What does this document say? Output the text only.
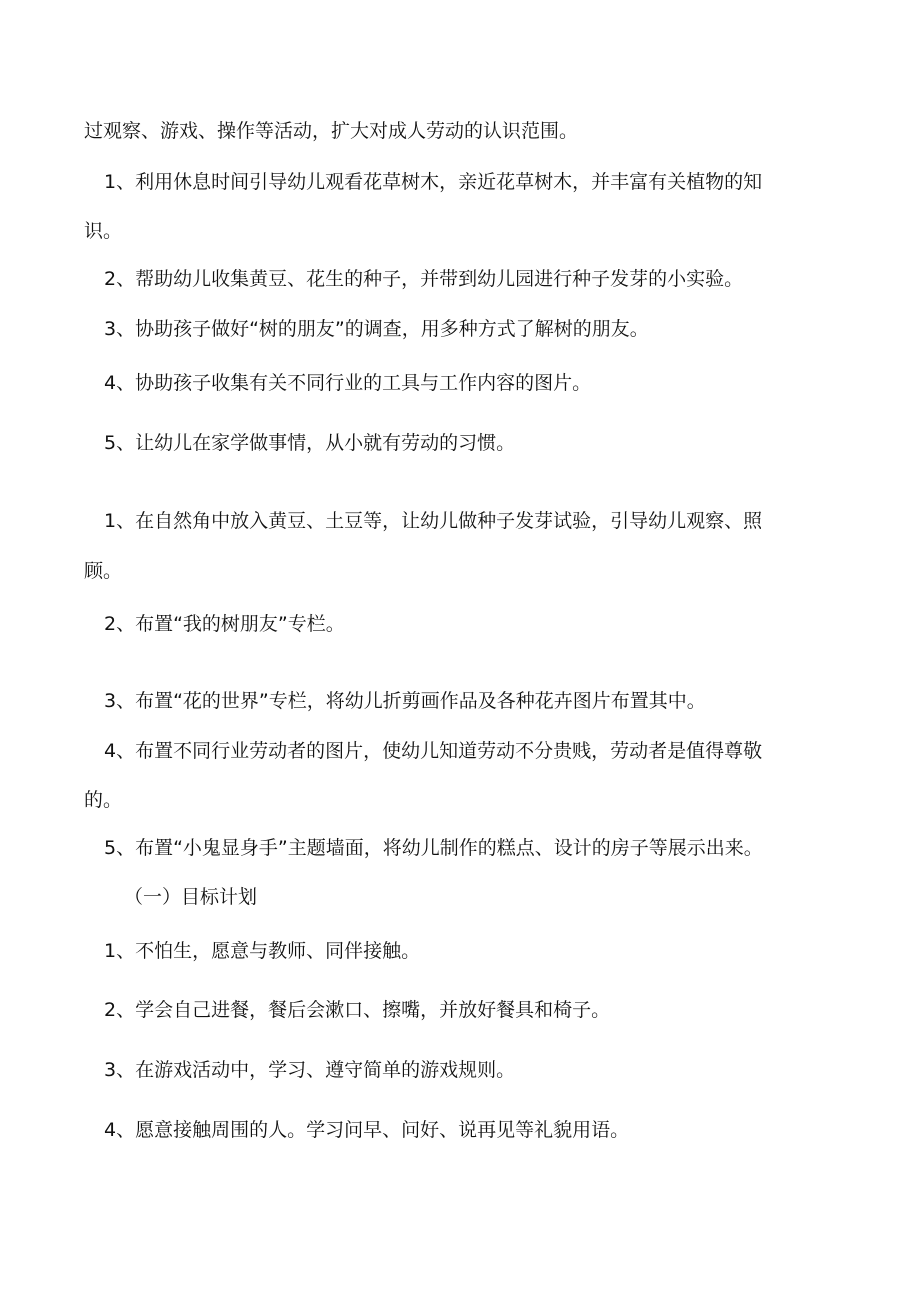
过观察、游戏、操作等活动，扩大对成人劳动的认识范围。
1、利用休息时间引导幼儿观看花草树木，亲近花草树木，并丰富有关植物的知
识。
2、帮助幼儿收集黄豆、花生的种子，并带到幼儿园进行种子发芽的小实验。
3、协助孩子做好“树的朋友”的调查，用多种方式了解树的朋友。
4、协助孩子收集有关不同行业的工具与工作内容的图片。
5、让幼儿在家学做事情，从小就有劳动的习惯。
1、在自然角中放入黄豆、土豆等，让幼儿做种子发芽试验，引导幼儿观察、照
顾。
2、布置“我的树朋友”专栏。
3、布置“花的世界”专栏，将幼儿折剪画作品及各种花卉图片布置其中。
4、布置不同行业劳动者的图片，使幼儿知道劳动不分贵贱，劳动者是值得尊敬
的。
5、布置“小鬼显身手”主题墙面，将幼儿制作的糕点、设计的房子等展示出来。
（一）目标计划
1、不怕生，愿意与教师、同伴接触。
2、学会自己进餐，餐后会漱口、擦嘴，并放好餐具和椅子。
3、在游戏活动中，学习、遵守简单的游戏规则。
4、愿意接触周围的人。学习问早、问好、说再见等礼貌用语。
